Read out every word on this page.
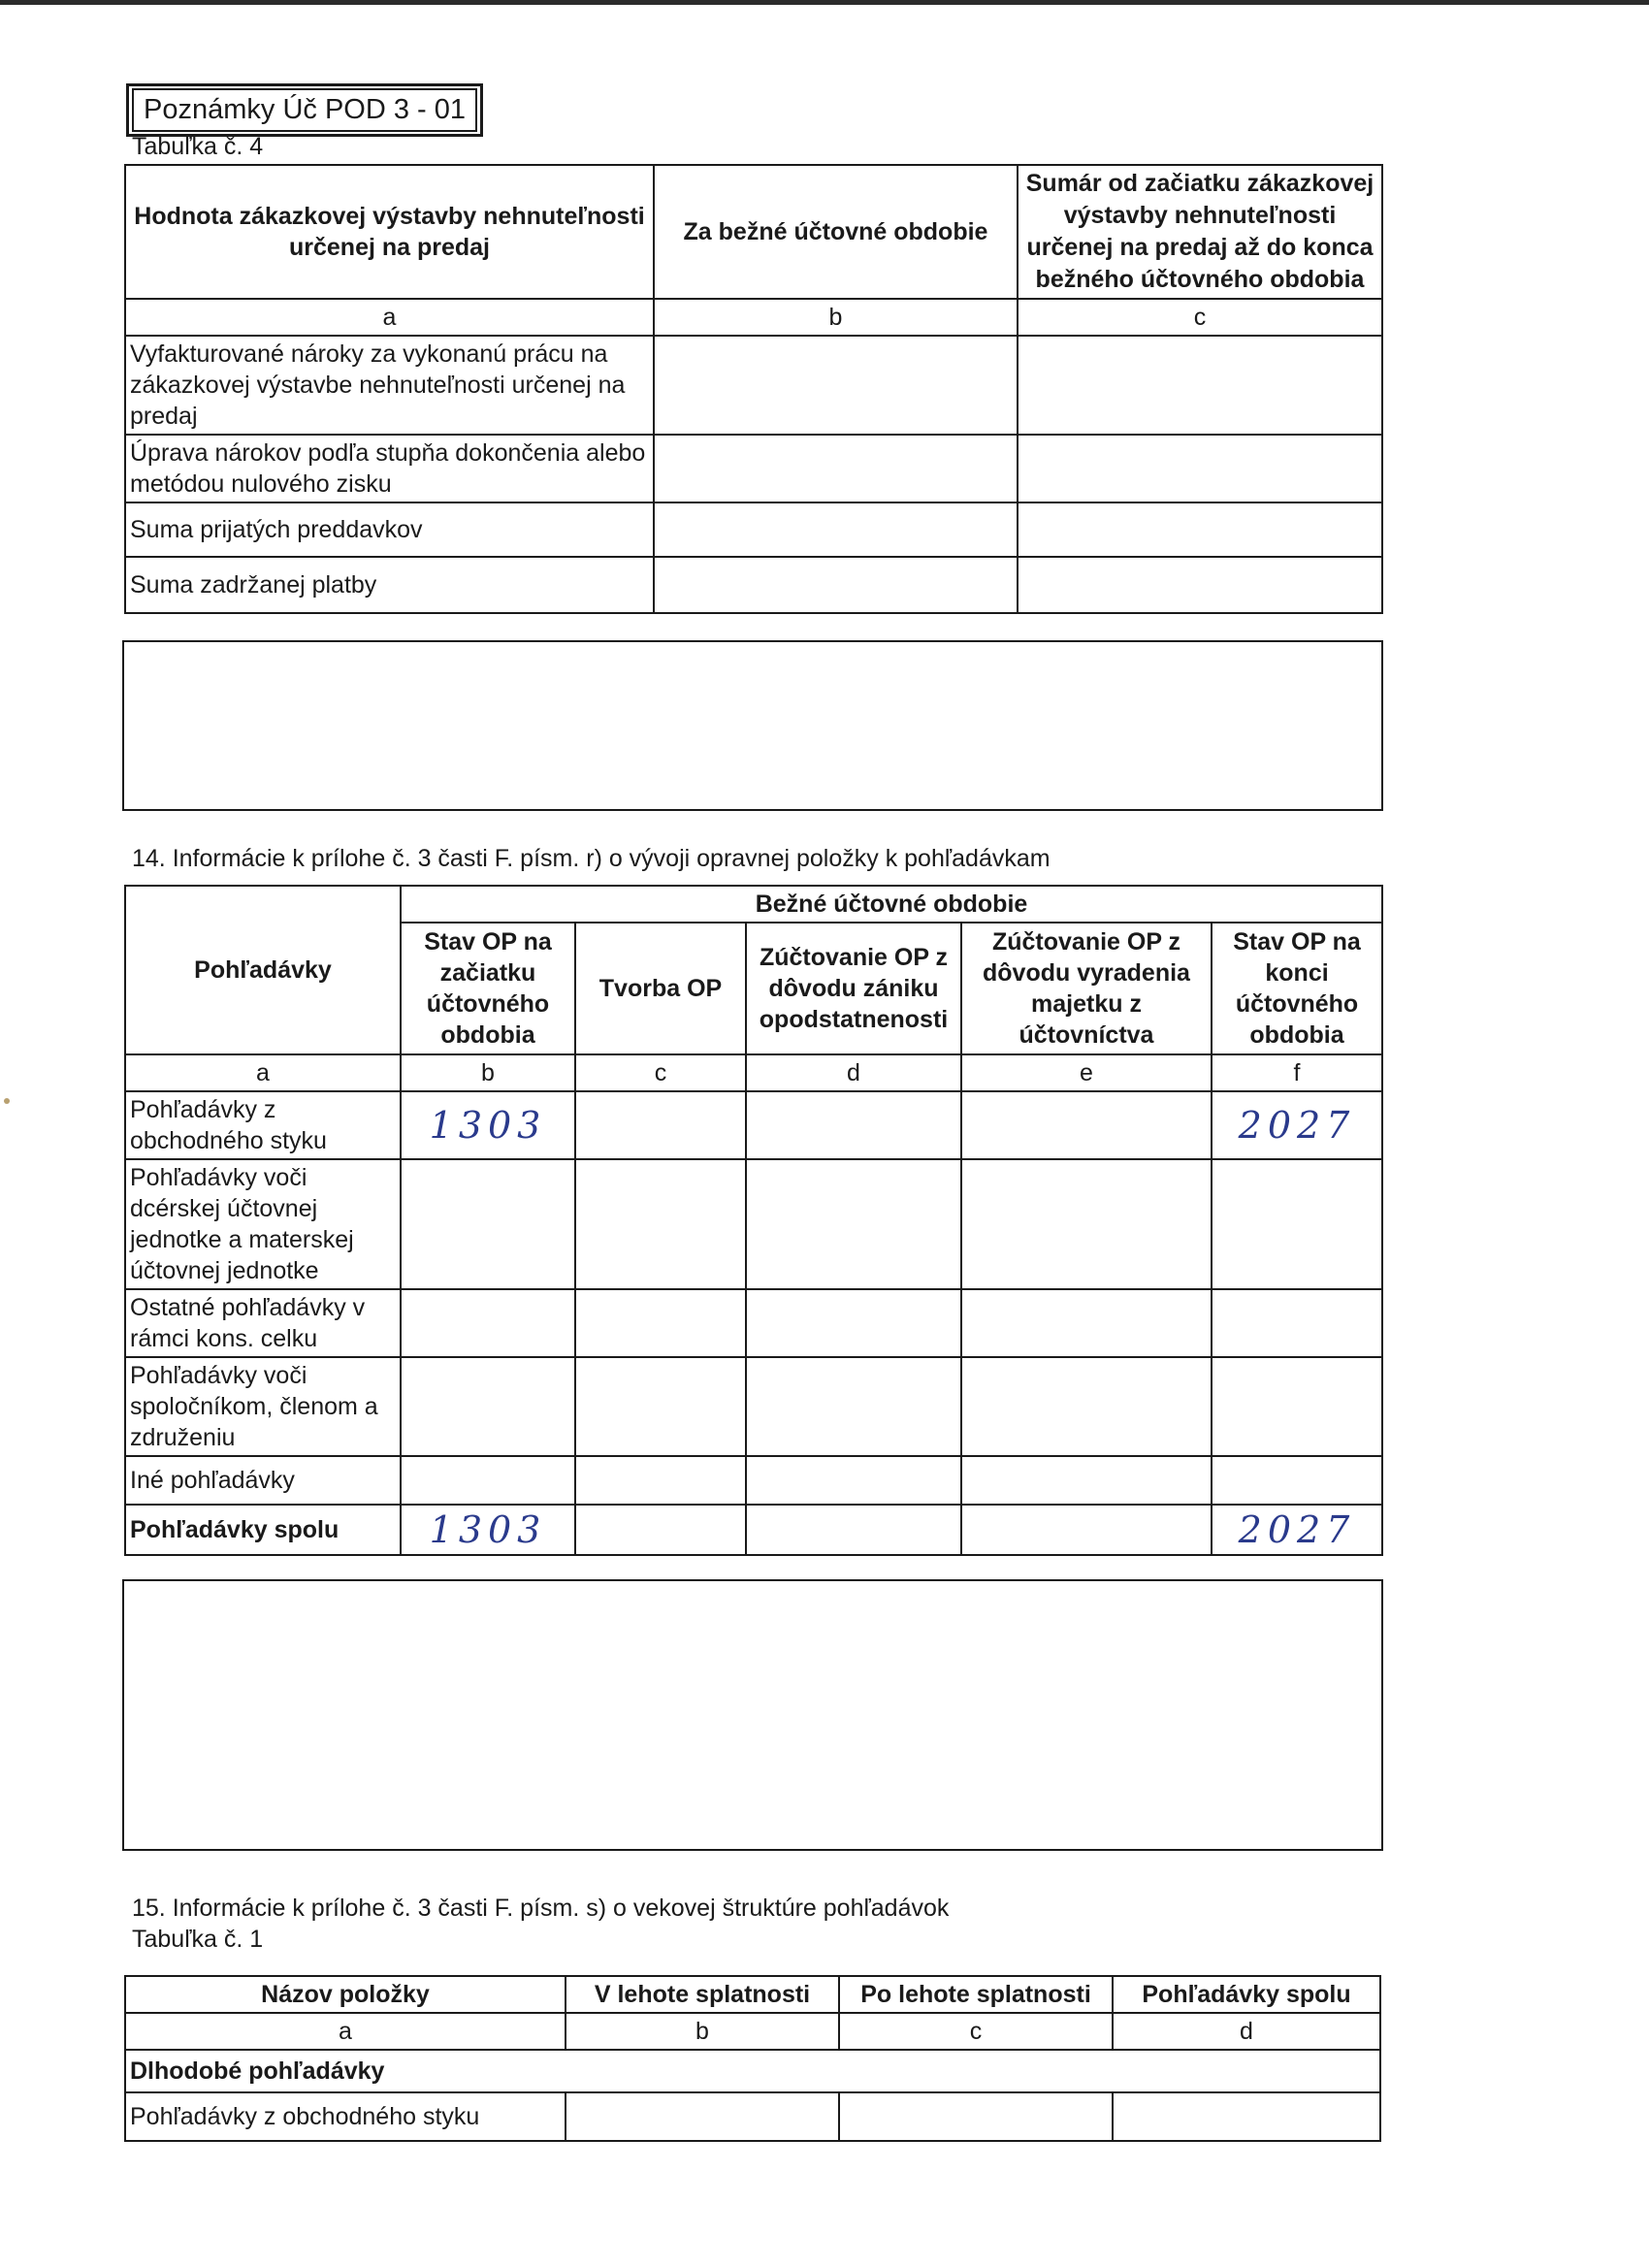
Poznámky Úč POD 3 - 01
Tabuľka č. 4
Hodnota zákazkovej výstavby nehnuteľnosti určenej na predaj	Za bežné účtovné obdobie	Sumár od začiatku zákazkovej výstavby nehnuteľnosti určenej na predaj až do konca bežného účtovného obdobia
a	b	c
Vyfakturované nároky za vykonanú prácu na zákazkovej výstavbe nehnuteľnosti určenej na predaj		
Úprava nárokov podľa stupňa dokončenia alebo metódou nulového zisku		
Suma prijatých preddavkov		
Suma zadržanej platby		
14. Informácie k prílohe č. 3 časti F. písm. r) o vývoji opravnej položky k pohľadávkam
Pohľadávky	Bežné účtovné obdobie				
	Stav OP na začiatku účtovného obdobia	Tvorba OP	Zúčtovanie OP z dôvodu zániku opodstatnenosti	Zúčtovanie OP z dôvodu vyradenia majetku z účtovníctva	Stav OP na konci účtovného obdobia
a	b	c	d	e	f
Pohľadávky z obchodného styku	1303				2027
Pohľadávky voči dcérskej účtovnej jednotke a materskej účtovnej jednotke					
Ostatné pohľadávky v rámci kons. celku					
Pohľadávky voči spoločníkom, členom a združeniu					
Iné pohľadávky					
Pohľadávky spolu	1303				2027
15. Informácie k prílohe č. 3 časti F. písm. s) o vekovej štruktúre pohľadávok
Tabuľka č. 1
Názov položky	V lehote splatnosti	Po lehote splatnosti	Pohľadávky spolu
a	b	c	d
Dlhodobé pohľadávky			
Pohľadávky z obchodného styku			
